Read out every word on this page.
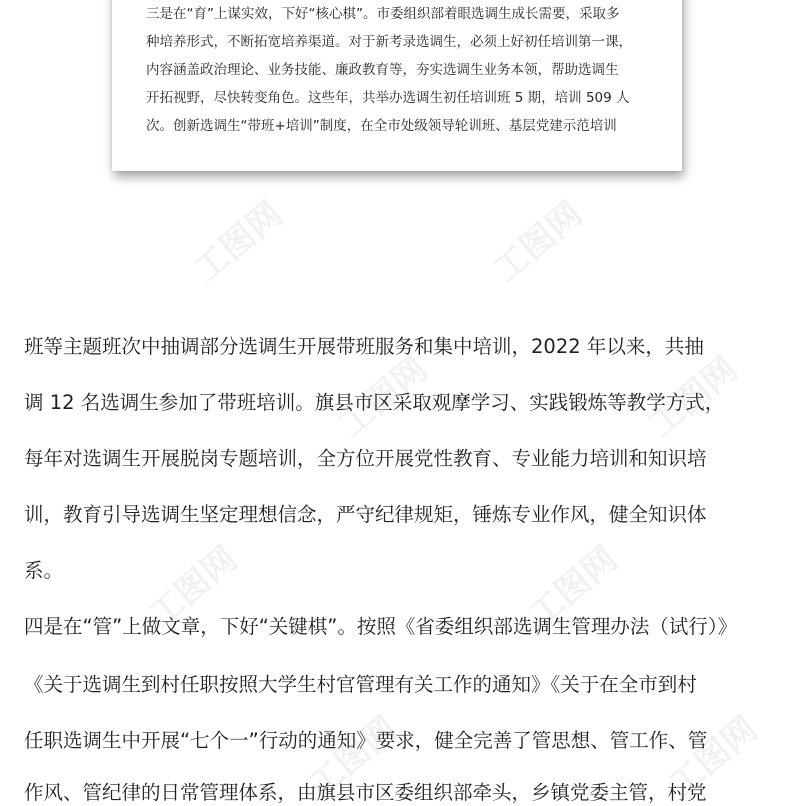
工图网	工图网
工图网	工图网
工图网	工图网
工图网	工图网
三是在“育”上谋实效，下好“核心棋”。市委组织部着眼选调生成长需要，采取多
种培养形式，不断拓宽培养渠道。对于新考录选调生，必须上好初任培训第一课，
内容涵盖政治理论、业务技能、廉政教育等，夯实选调生业务本领，帮助选调生
开拓视野，尽快转变角色。这些年，共举办选调生初任培训班 5 期，培训 509 人
次。创新选调生“带班+培训”制度，在全市处级领导轮训班、基层党建示范培训
班等主题班次中抽调部分选调生开展带班服务和集中培训，2022 年以来，共抽
调 12 名选调生参加了带班培训。旗县市区采取观摩学习、实践锻炼等教学方式，
每年对选调生开展脱岗专题培训，全方位开展党性教育、专业能力培训和知识培
训，教育引导选调生坚定理想信念，严守纪律规矩，锤炼专业作风，健全知识体
系。
四是在“管”上做文章，下好“关键棋”。按照《省委组织部选调生管理办法（试行）》
《关于选调生到村任职按照大学生村官管理有关工作的通知》《关于在全市到村
任职选调生中开展“七个一”行动的通知》要求，健全完善了管思想、管工作、管
作风、管纪律的日常管理体系，由旗县市区委组织部牵头，乡镇党委主管，村党
